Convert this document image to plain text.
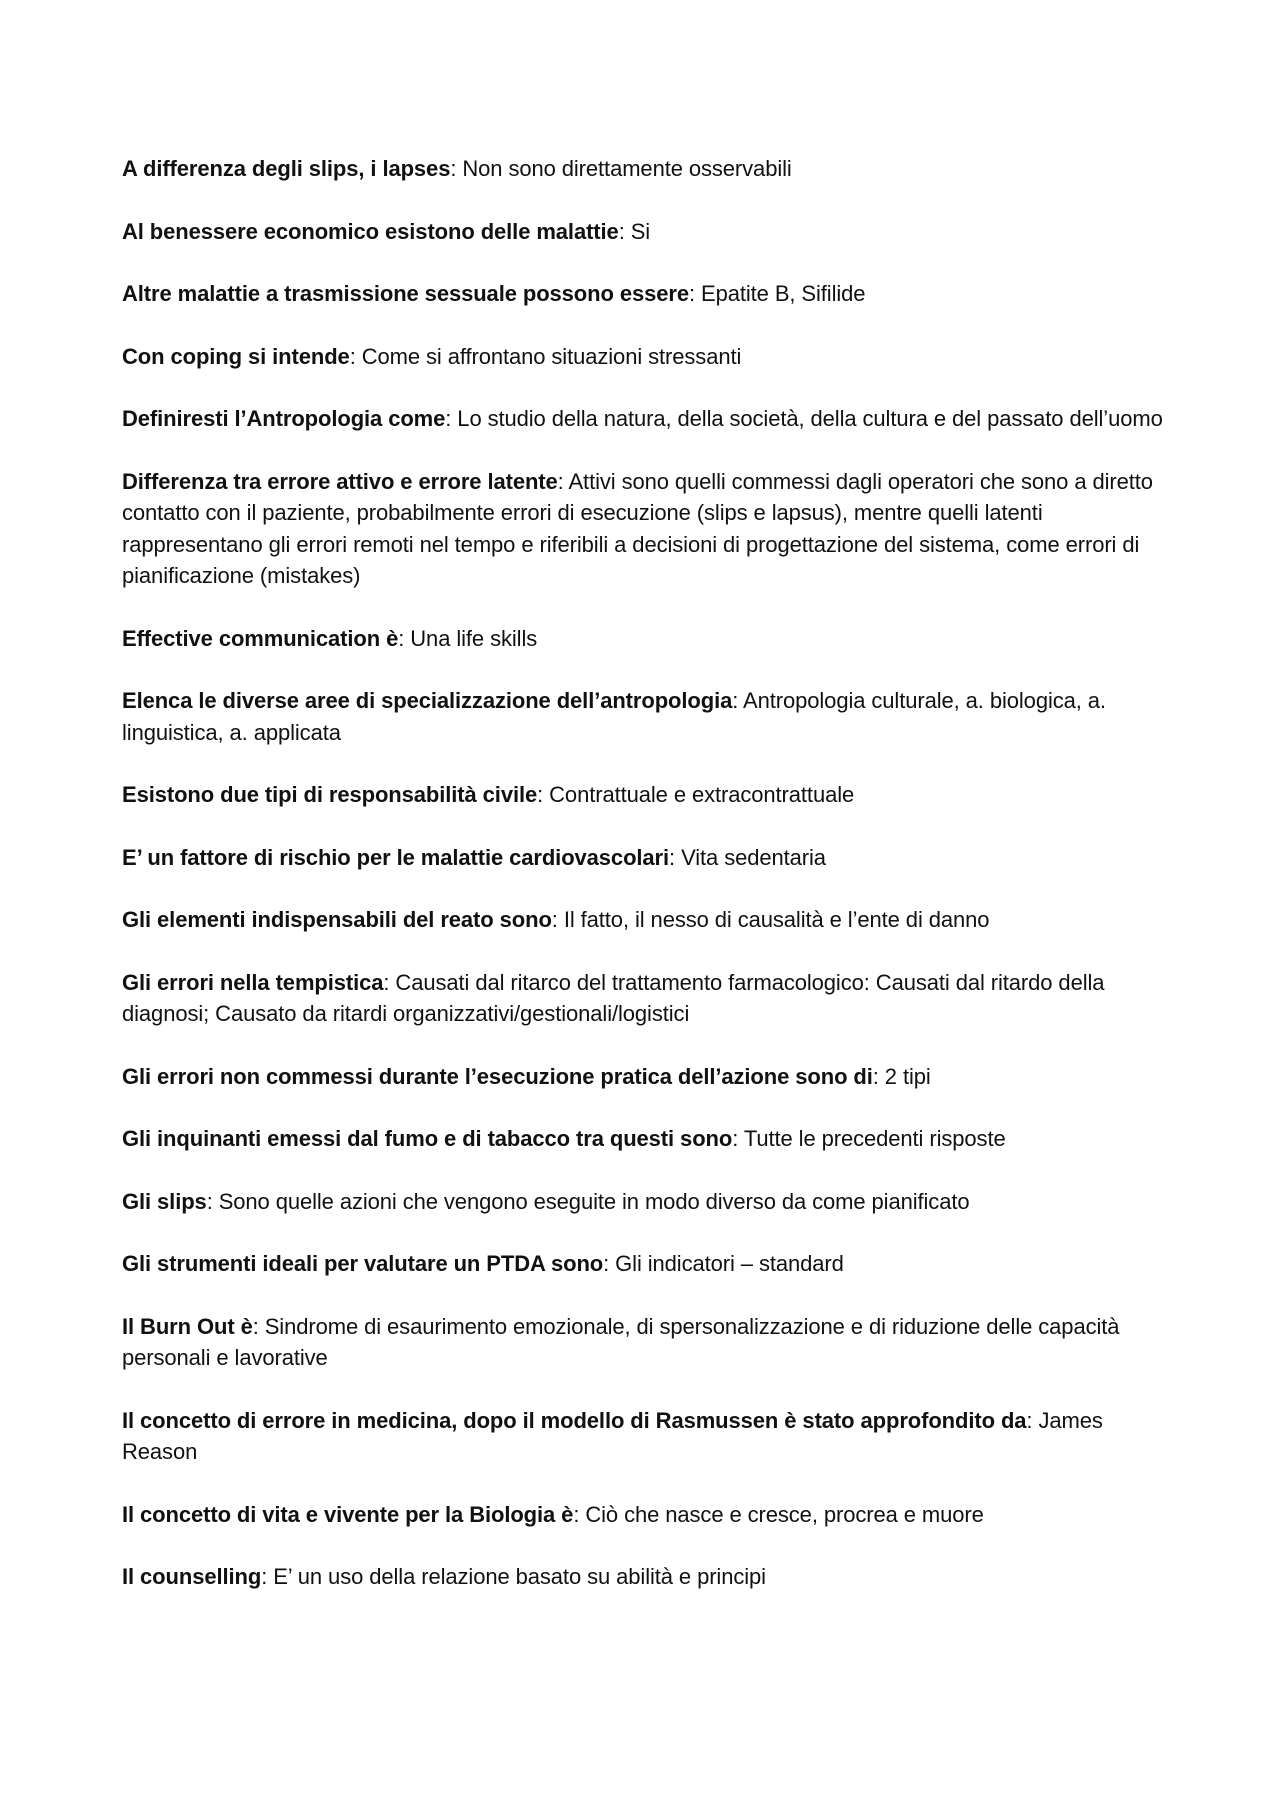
A differenza degli slips, i lapses: Non sono direttamente osservabili

Al benessere economico esistono delle malattie: Si

Altre malattie a trasmissione sessuale possono essere: Epatite B, Sifilide

Con coping si intende: Come si affrontano situazioni stressanti

Definiresti l’Antropologia come: Lo studio della natura, della società, della cultura e del passato dell’uomo

Differenza tra errore attivo e errore latente: Attivi sono quelli commessi dagli operatori che sono a diretto contatto con il paziente, probabilmente errori di esecuzione (slips e lapsus), mentre quelli latenti rappresentano gli errori remoti nel tempo e riferibili a decisioni di progettazione del sistema, come errori di pianificazione (mistakes)

Effective communication è: Una life skills

Elenca le diverse aree di specializzazione dell’antropologia: Antropologia culturale, a. biologica, a. linguistica, a. applicata

Esistono due tipi di responsabilità civile: Contrattuale e extracontrattuale

E’ un fattore di rischio per le malattie cardiovascolari: Vita sedentaria

Gli elementi indispensabili del reato sono: Il fatto, il nesso di causalità e l’ente di danno

Gli errori nella tempistica: Causati dal ritarco del trattamento farmacologico: Causati dal ritardo della diagnosi; Causato da ritardi organizzativi/gestionali/logistici

Gli errori non commessi durante l’esecuzione pratica dell’azione sono di: 2 tipi

Gli inquinanti emessi dal fumo e di tabacco tra questi sono: Tutte le precedenti risposte

Gli slips: Sono quelle azioni che vengono eseguite in modo diverso da come pianificato

Gli strumenti ideali per valutare un PTDA sono: Gli indicatori – standard

Il Burn Out è: Sindrome di esaurimento emozionale, di spersonalizzazione e di riduzione delle capacità personali e lavorative

Il concetto di errore in medicina, dopo il modello di Rasmussen è stato approfondito da: James Reason

Il concetto di vita e vivente per la Biologia è: Ciò che nasce e cresce, procrea e muore

Il counselling: E’ un uso della relazione basato su abilità e principi
